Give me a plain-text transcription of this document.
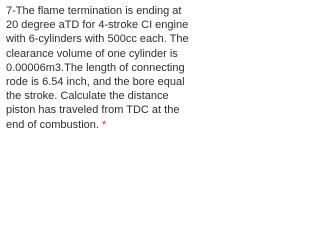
7-The flame termination is ending at 20 degree aTD for 4-stroke CI engine with 6-cylinders with 500cc each. The clearance volume of one cylinder is 0.00006m3.The length of connecting rode is 6.54 inch, and the bore equal the stroke. Calculate the distance piston has traveled from TDC at the end of combustion. *
